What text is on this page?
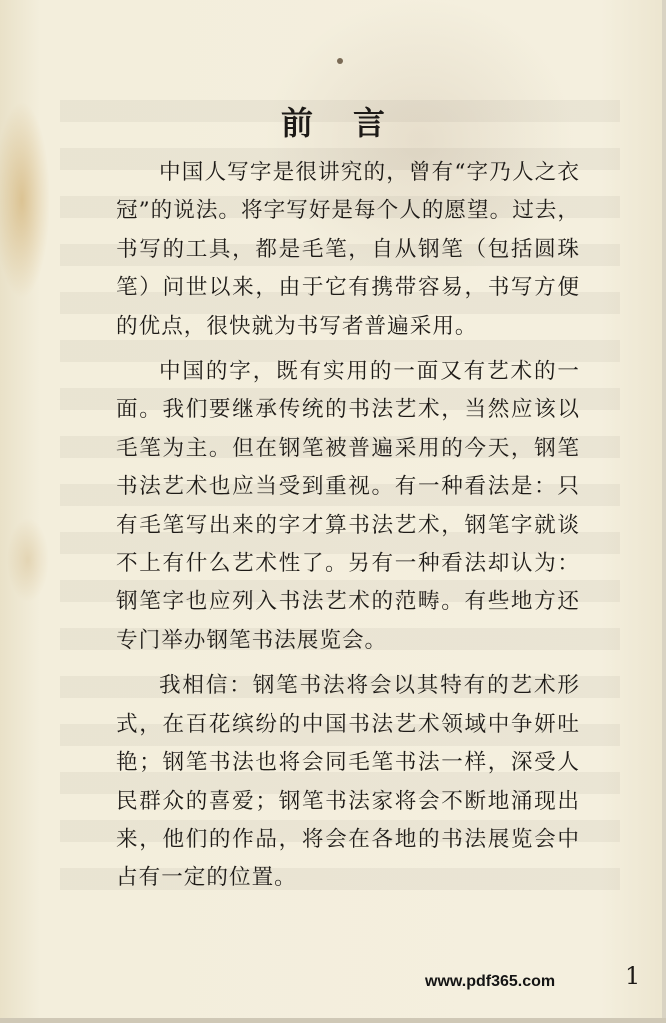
前言

中国人写字是很讲究的，曾有“字乃人之衣冠”的说法。将字写好是每个人的愿望。过去，书写的工具，都是毛笔，自从钢笔（包括圆珠笔）问世以来，由于它有携带容易，书写方便的优点，很快就为书写者普遍采用。

中国的字，既有实用的一面又有艺术的一面。我们要继承传统的书法艺术，当然应该以毛笔为主。但在钢笔被普遍采用的今天，钢笔书法艺术也应当受到重视。有一种看法是：只有毛笔写出来的字才算书法艺术，钢笔字就谈不上有什么艺术性了。另有一种看法却认为：钢笔字也应列入书法艺术的范畴。有些地方还专门举办钢笔书法展览会。

我相信：钢笔书法将会以其特有的艺术形式，在百花缤纷的中国书法艺术领域中争妍吐艳；钢笔书法也将会同毛笔书法一样，深受人民群众的喜爱；钢笔书法家将会不断地涌现出来，他们的作品，将会在各地的书法展览会中占有一定的位置。

www.pdf365.com	1
